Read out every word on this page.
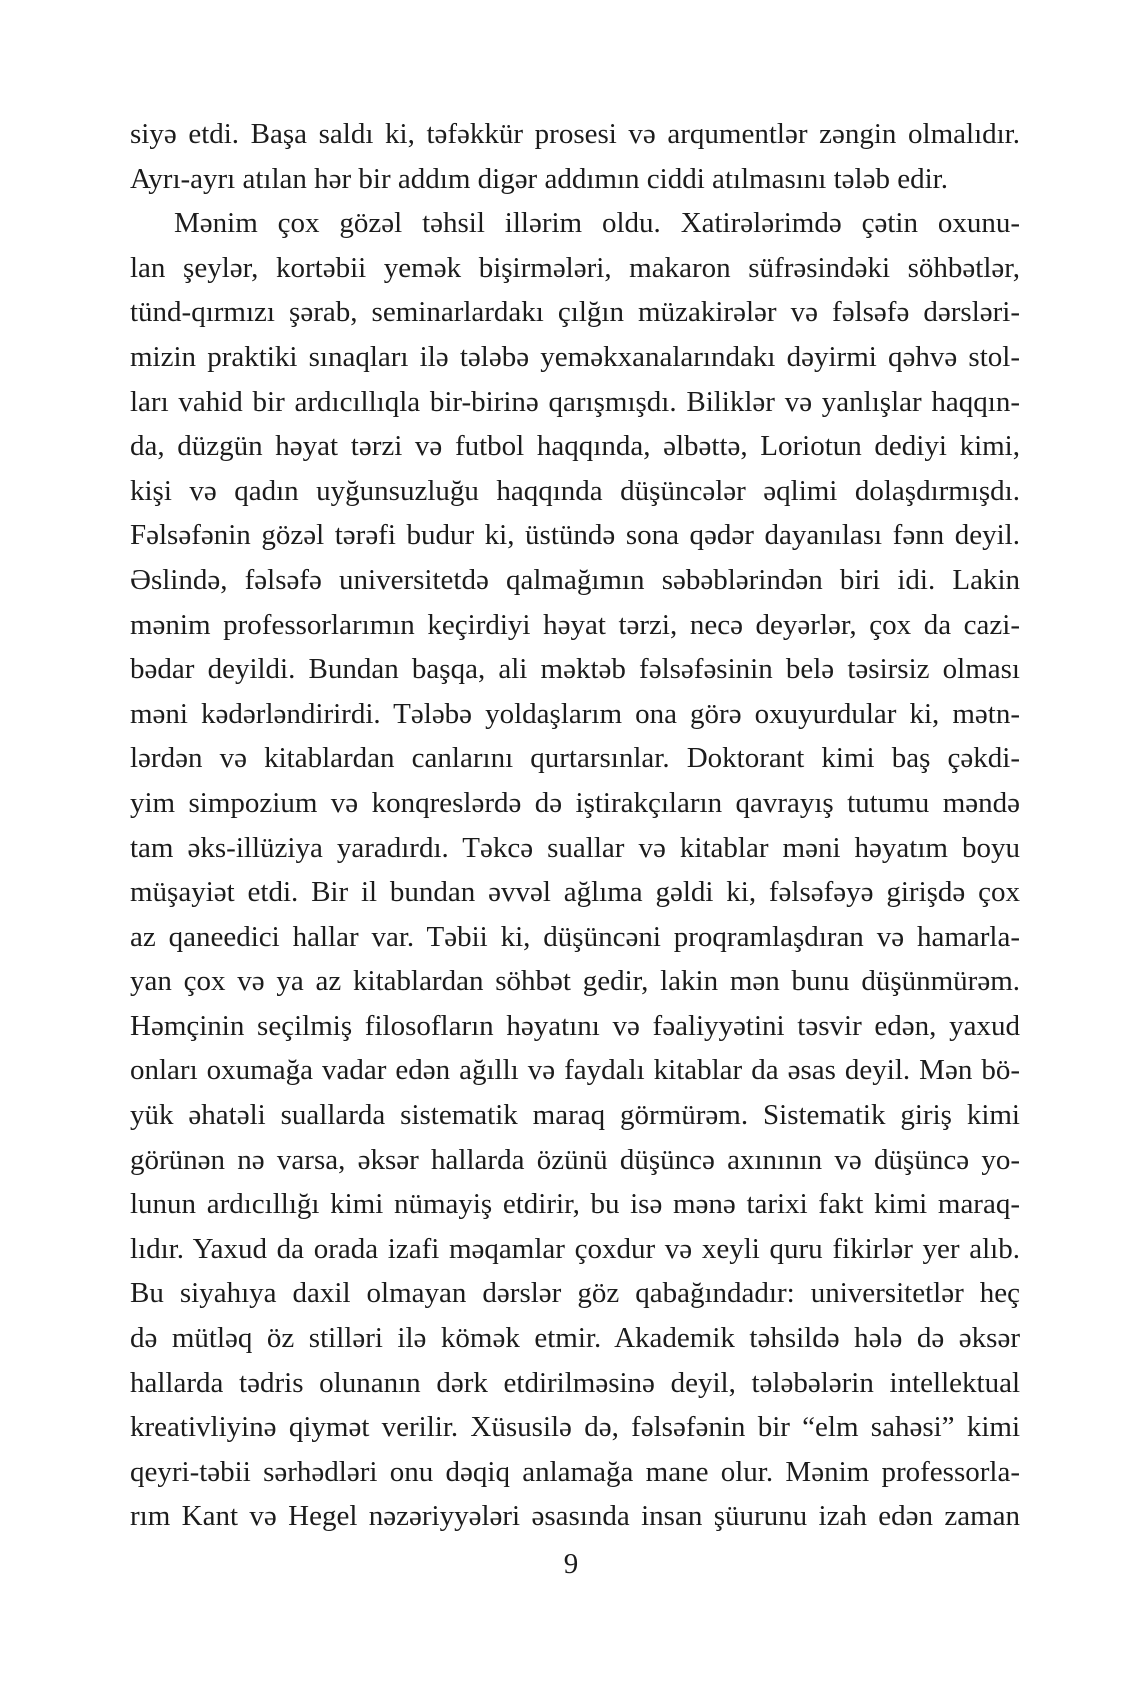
siyə etdi. Başa saldı ki, təfəkkür prosesi və arqumentlər zəngin olmalıdır.
Ayrı-ayrı atılan hər bir addım digər addımın ciddi atılmasını tələb edir.
Mənim çox gözəl təhsil illərim oldu. Xatirələrimdə çətin oxunu-
lan şeylər, kortəbii yemək bişirmələri, makaron süfrəsindəki söhbətlər,
tünd-qırmızı şərab, seminarlardakı çılğın müzakirələr və fəlsəfə dərsləri-
mizin praktiki sınaqları ilə tələbə yeməkxanalarındakı dəyirmi qəhvə stol-
ları vahid bir ardıcıllıqla bir-birinə qarışmışdı. Biliklər və yanlışlar haqqın-
da, düzgün həyat tərzi və futbol haqqında, əlbəttə, Loriotun dediyi kimi,
kişi və qadın uyğunsuzluğu haqqında düşüncələr əqlimi dolaşdırmışdı.
Fəlsəfənin gözəl tərəfi budur ki, üstündə sona qədər dayanılası fənn deyil.
Əslində, fəlsəfə universitetdə qalmağımın səbəblərindən biri idi. Lakin
mənim professorlarımın keçirdiyi həyat tərzi, necə deyərlər, çox da cazi-
bədar deyildi. Bundan başqa, ali məktəb fəlsəfəsinin belə təsirsiz olması
məni kədərləndirirdi. Tələbə yoldaşlarım ona görə oxuyurdular ki, mətn-
lərdən və kitablardan canlarını qurtarsınlar. Doktorant kimi baş çəkdi-
yim simpozium və konqreslərdə də iştirakçıların qavrayış tutumu məndə
tam əks-illüziya yaradırdı. Təkcə suallar və kitablar məni həyatım boyu
müşayiət etdi. Bir il bundan əvvəl ağlıma gəldi ki, fəlsəfəyə girişdə çox
az qaneedici hallar var. Təbii ki, düşüncəni proqramlaşdıran və hamarla-
yan çox və ya az kitablardan söhbət gedir, lakin mən bunu düşünmürəm.
Həmçinin seçilmiş filosofların həyatını və fəaliyyətini təsvir edən, yaxud
onları oxumağa vadar edən ağıllı və faydalı kitablar da əsas deyil. Mən bö-
yük əhatəli suallarda sistematik maraq görmürəm. Sistematik giriş kimi
görünən nə varsa, əksər hallarda özünü düşüncə axınının və düşüncə yo-
lunun ardıcıllığı kimi nümayiş etdirir, bu isə mənə tarixi fakt kimi maraq-
lıdır. Yaxud da orada izafi məqamlar çoxdur və xeyli quru fikirlər yer alıb.
Bu siyahıya daxil olmayan dərslər göz qabağındadır: universitetlər heç
də mütləq öz stilləri ilə kömək etmir. Akademik təhsildə hələ də əksər
hallarda tədris olunanın dərk etdirilməsinə deyil, tələbələrin intellektual
kreativliyinə qiymət verilir. Xüsusilə də, fəlsəfənin bir “elm sahəsi” kimi
qeyri-təbii sərhədləri onu dəqiq anlamağa mane olur. Mənim professorla-
rım Kant və Hegel nəzəriyyələri əsasında insan şüurunu izah edən zaman
9
